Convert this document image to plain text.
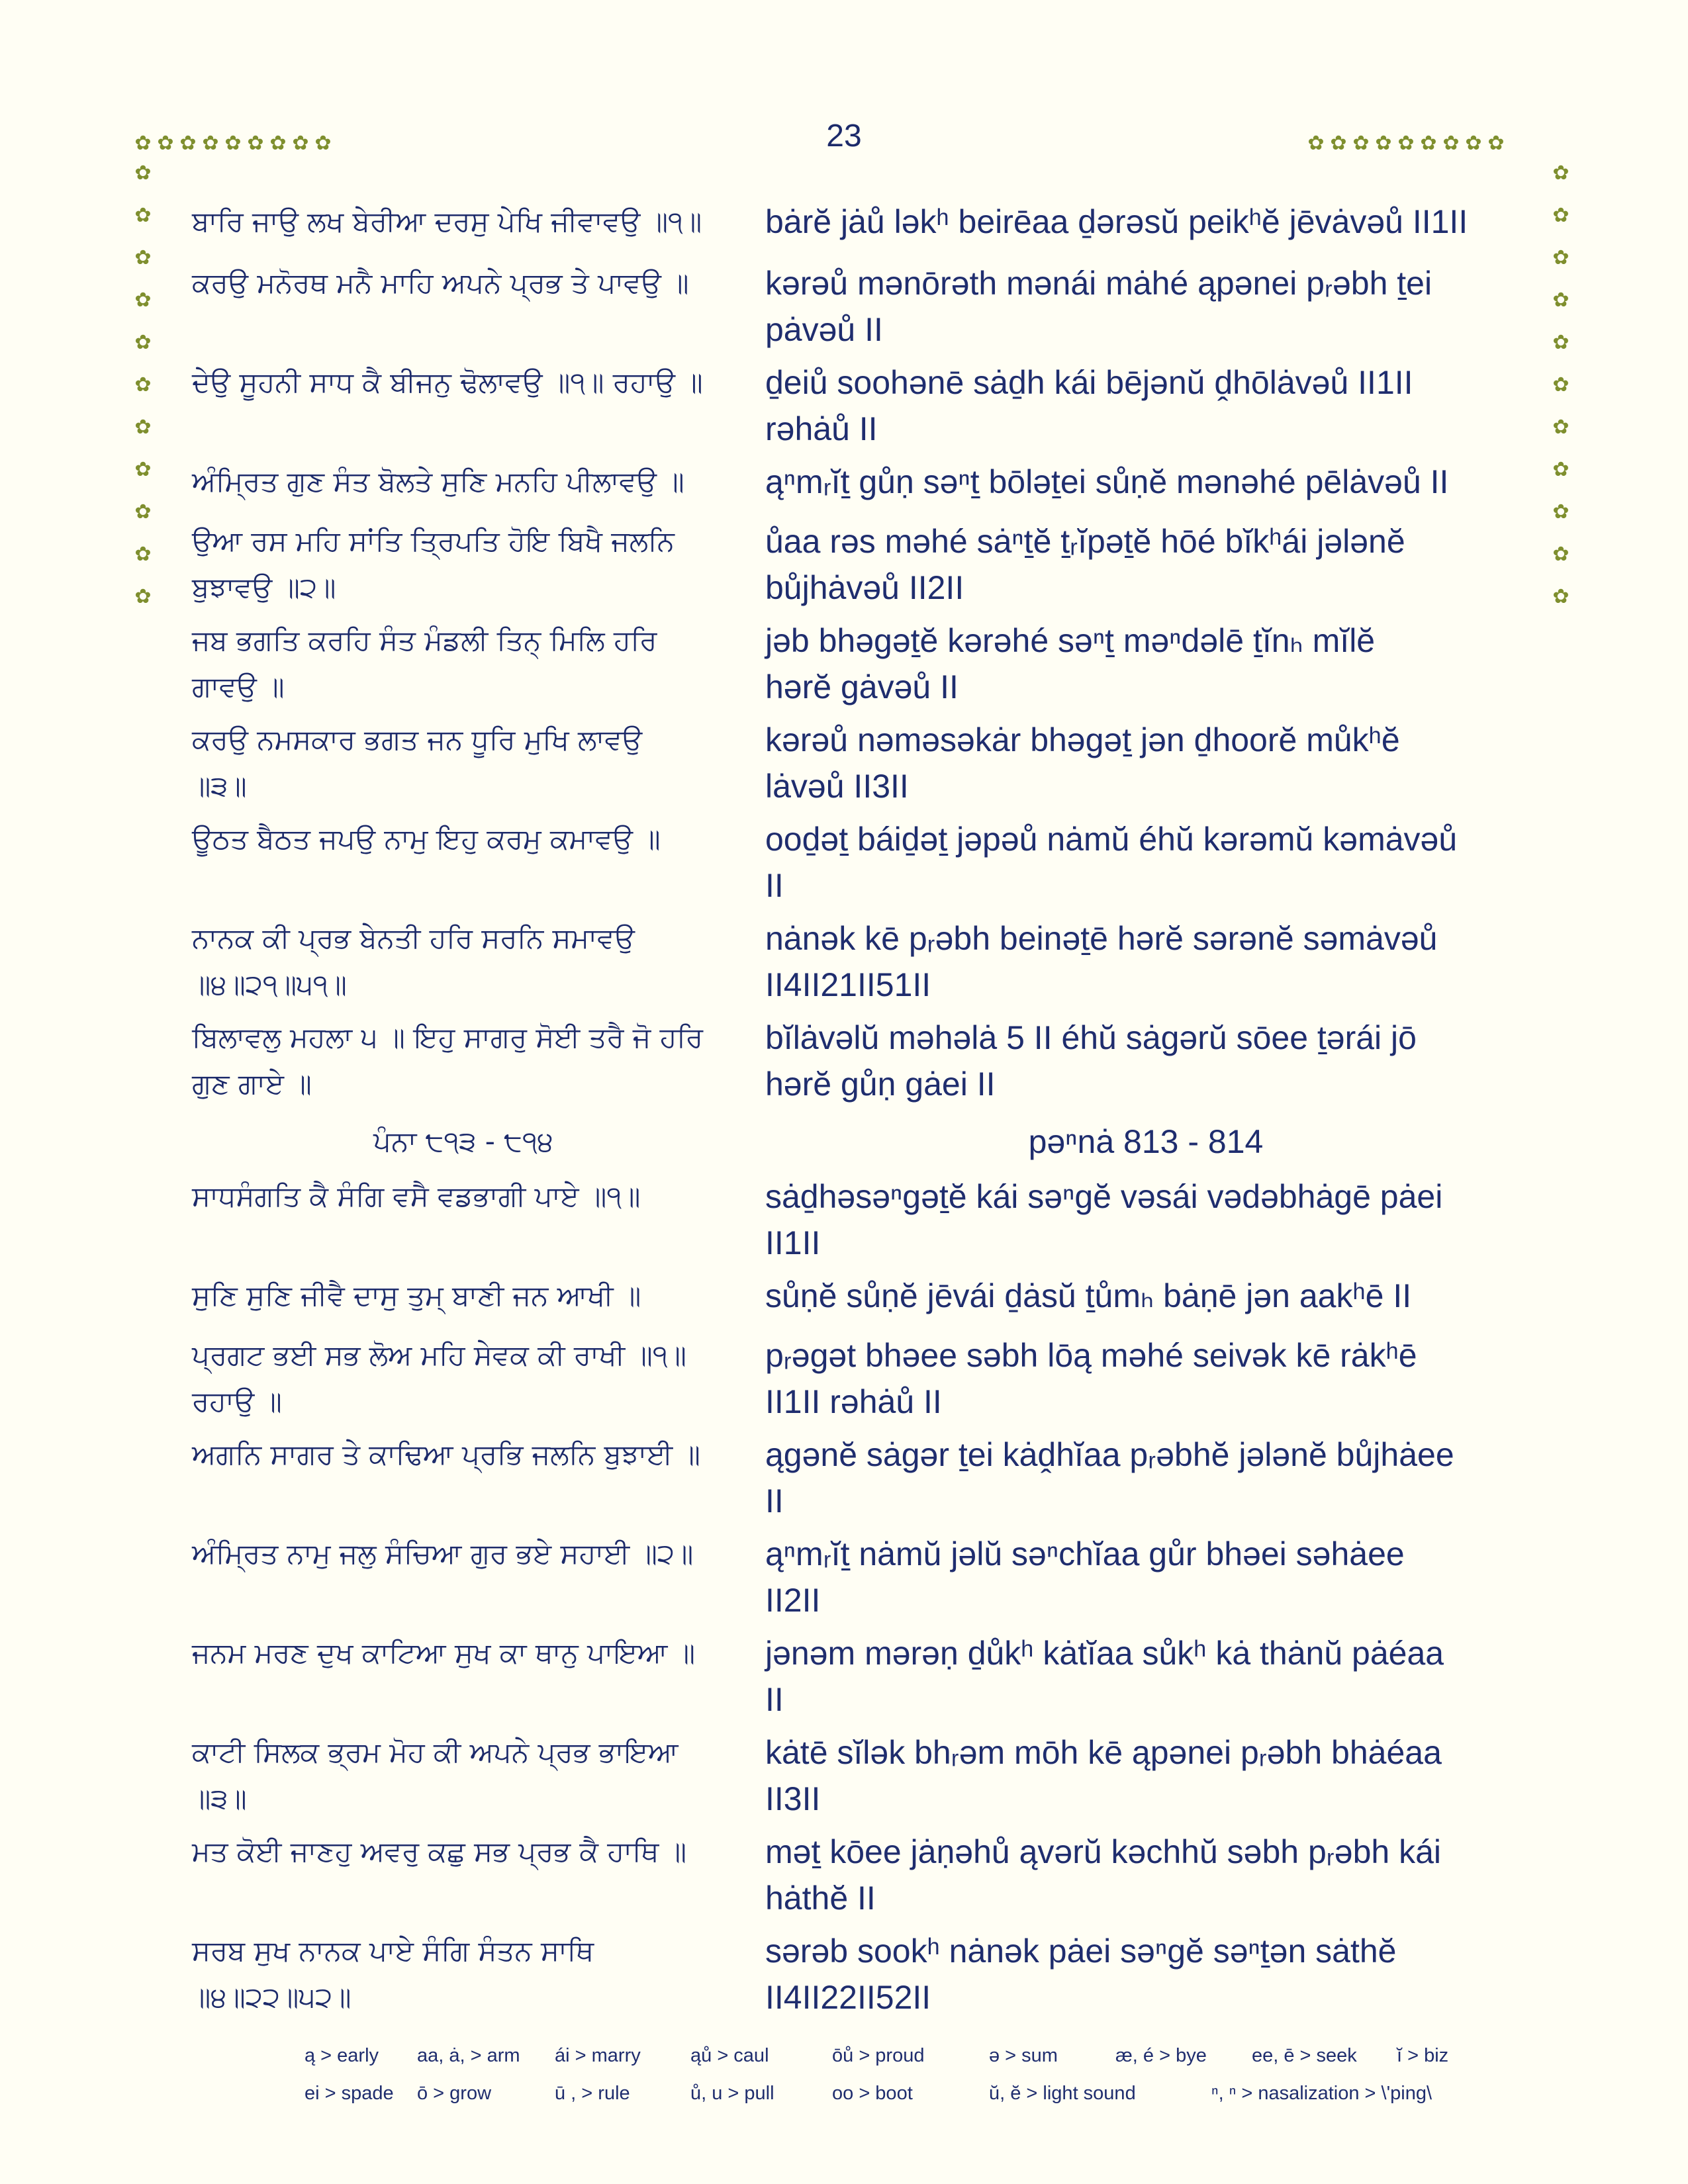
23
✿ ✿ ✿ ✿ ✿ ✿ ✿ ✿ ✿	✿ ✿ ✿ ✿ ✿ ✿ ✿ ✿ ✿
✿
✿
✿
✿
✿
✿
✿
✿
✿
✿
✿
✿
✿
✿
✿
✿
✿
✿
✿
✿
✿
✿
ਬਾਰਿ ਜਾਉ ਲਖ ਬੇਰੀਆ ਦਰਸੁ ਪੇਖਿ ਜੀਵਾਵਉ ॥੧॥	bȧrĕ jȧů ləkʰ beirēaa ḏərəsŭ peikʰĕ jēvȧvəů II1II
ਕਰਉ ਮਨੋਰਥ ਮਨੈ ਮਾਹਿ ਅਪਨੇ ਪ੍ਰਭ ਤੇ ਪਾਵਉ ॥	kərəů mənōrəth mənái mȧhé ąpənei pᵣəbh ṯei
pȧvəů II
ਦੇਉ ਸੂਹਨੀ ਸਾਧ ਕੈ ਬੀਜਨੁ ਢੋਲਾਵਉ ॥੧॥ ਰਹਾਉ ॥	ḏeiů soohənē sȧḏh kái bējənŭ ḓhōlȧvəů II1II
rəhȧů II
ਅੰਮ੍ਰਿਤ ਗੁਣ ਸੰਤ ਬੋਲਤੇ ਸੁਣਿ ਮਨਹਿ ਪੀਲਾਵਉ ॥	ąⁿmᵣĭṯ gůṇ səⁿṯ bōləṯei sůṇĕ mənəhé pēlȧvəů II
ਉਆ ਰਸ ਮਹਿ ਸਾਂਤਿ ਤ੍ਰਿਪਤਿ ਹੋਇ ਬਿਖੈ ਜਲਨਿ
ਬੁਝਾਵਉ ॥੨॥
ůaa rəs məhé sȧⁿṯĕ ṯᵣĭpəṯĕ hōé bĭkʰái jələnĕ
bůjhȧvəů II2II
ਜਬ ਭਗਤਿ ਕਰਹਿ ਸੰਤ ਮੰਡਲੀ ਤਿਨ੍ ਮਿਲਿ ਹਰਿ
ਗਾਵਉ ॥
jəb bhəgəṯĕ kərəhé səⁿṯ məⁿdəlē ṯĭnₕ mĭlĕ
hərĕ gȧvəů II
ਕਰਉ ਨਮਸਕਾਰ ਭਗਤ ਜਨ ਧੂਰਿ ਮੁਖਿ ਲਾਵਉ
॥੩॥
kərəů nəməsəkȧr bhəgəṯ jən ḏhoorĕ můkʰĕ
lȧvəů II3II
ਊਠਤ ਬੈਠਤ ਜਪਉ ਨਾਮੁ ਇਹੁ ਕਰਮੁ ਕਮਾਵਉ ॥	ooḏəṯ báiḏəṯ jəpəů nȧmŭ éhŭ kərəmŭ kəmȧvəů
II
ਨਾਨਕ ਕੀ ਪ੍ਰਭ ਬੇਨਤੀ ਹਰਿ ਸਰਨਿ ਸਮਾਵਉ
॥੪॥੨੧॥੫੧॥
nȧnək kē pᵣəbh beinəṯē hərĕ sərənĕ səmȧvəů
II4II21II51II
ਬਿਲਾਵਲੁ ਮਹਲਾ ੫ ॥ ਇਹੁ ਸਾਗਰੁ ਸੋਈ ਤਰੈ ਜੋ ਹਰਿ
ਗੁਣ ਗਾਏ ॥
bĭlȧvəlŭ məhəlȧ 5 II éhŭ sȧgərŭ sōee ṯərái jō
hərĕ gůṇ gȧei II
ਪੰਨਾ ੮੧੩ - ੮੧੪	pəⁿnȧ 813 - 814
ਸਾਧਸੰਗਤਿ ਕੈ ਸੰਗਿ ਵਸੈ ਵਡਭਾਗੀ ਪਾਏ ॥੧॥	sȧḏhəsəⁿgəṯĕ kái səⁿgĕ vəsái vədəbhȧgē pȧei
II1II
ਸੁਣਿ ਸੁਣਿ ਜੀਵੈ ਦਾਸੁ ਤੁਮ੍ ਬਾਣੀ ਜਨ ਆਖੀ ॥	sůṇĕ sůṇĕ jēvái ḏȧsŭ ṯůmₕ bȧṇē jən aakʰē II
ਪ੍ਰਗਟ ਭਈ ਸਭ ਲੋਅ ਮਹਿ ਸੇਵਕ ਕੀ ਰਾਖੀ ॥੧॥
ਰਹਾਉ ॥
pᵣəgət bhəee səbh lōą məhé seivək kē rȧkʰē
II1II rəhȧů II
ਅਗਨਿ ਸਾਗਰ ਤੇ ਕਾਢਿਆ ਪ੍ਰਭਿ ਜਲਨਿ ਬੁਝਾਈ ॥	ągənĕ sȧgər ṯei kȧḓhĭaa pᵣəbhĕ jələnĕ bůjhȧee
II
ਅੰਮ੍ਰਿਤ ਨਾਮੁ ਜਲੁ ਸੰਚਿਆ ਗੁਰ ਭਏ ਸਹਾਈ ॥੨॥	ąⁿmᵣĭṯ nȧmŭ jəlŭ səⁿchĭaa gůr bhəei səhȧee
II2II
ਜਨਮ ਮਰਣ ਦੁਖ ਕਾਟਿਆ ਸੁਖ ਕਾ ਥਾਨੁ ਪਾਇਆ ॥	jənəm mərəṇ ḏůkʰ kȧtĭaa sůkʰ kȧ thȧnŭ pȧéaa
II
ਕਾਟੀ ਸਿਲਕ ਭ੍ਰਮ ਮੋਹ ਕੀ ਅਪਨੇ ਪ੍ਰਭ ਭਾਇਆ
॥੩॥
kȧtē sĭlək bhᵣəm mōh kē ąpənei pᵣəbh bhȧéaa
II3II
ਮਤ ਕੋਈ ਜਾਣਹੁ ਅਵਰੁ ਕਛੁ ਸਭ ਪ੍ਰਭ ਕੈ ਹਾਥਿ ॥	məṯ kōee jȧṇəhů ąvərŭ kəchhŭ səbh pᵣəbh kái
hȧthĕ II
ਸਰਬ ਸੁਖ ਨਾਨਕ ਪਾਏ ਸੰਗਿ ਸੰਤਨ ਸਾਥਿ
॥੪॥੨੨॥੫੨॥
sərəb sookʰ nȧnək pȧei səⁿgĕ səⁿṯən sȧthĕ
II4II22II52II
ą > early aa, ȧ, > arm ái > marry	ąů > caul	ōů > proud	ə > sum	æ, é > bye ee, ē > seek ĭ > biz
ei > spade ō > grow	ū , > rule	ů, u > pull	oo > boot	ŭ, ĕ > light sound	ⁿ, ⁿ > nasalization > \'ping\
